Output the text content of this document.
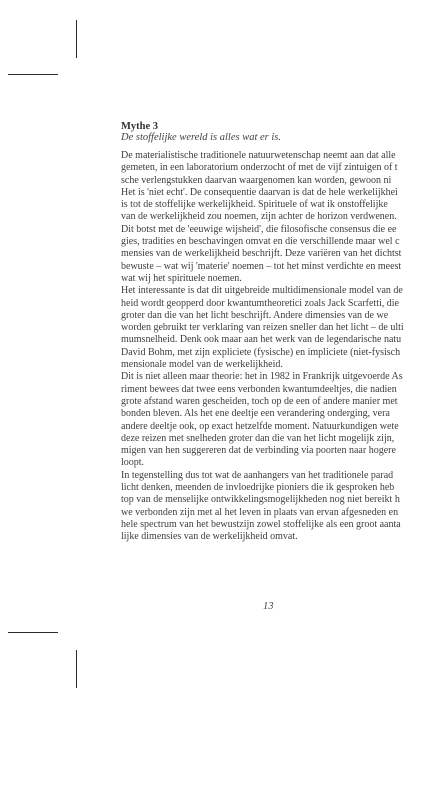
Mythe 3
De stoffelijke wereld is alles wat er is.
De materialistische traditionele natuurwetenschap neemt aan dat alle
gemeten, in een laboratorium onderzocht of met de vijf zintuigen of t
sche verlengstukken daarvan waargenomen kan worden, gewoon ni
Het is 'niet echt'. De consequentie daarvan is dat de hele werkelijkhei
is tot de stoffelijke werkelijkheid. Spirituele of wat ik onstoffelijke
van de werkelijkheid zou noemen, zijn achter de horizon verdwenen.
Dit botst met de 'eeuwige wijsheid', die filosofische consensus die ee
gies, tradities en beschavingen omvat en die verschillende maar wel c
mensies van de werkelijkheid beschrijft. Deze variëren van het dichtst
bewuste – wat wij 'materie' noemen – tot het minst verdichte en meest
wat wij het spirituele noemen.
Het interessante is dat dit uitgebreide multidimensionale model van de
heid wordt geopperd door kwantumtheoretici zoals Jack Scarfetti, die
groter dan die van het licht beschrijft. Andere dimensies van de we
worden gebruikt ter verklaring van reizen sneller dan het licht – de ulti
mumsnelheid. Denk ook maar aan het werk van de legendarische natu
David Bohm, met zijn expliciete (fysische) en impliciete (niet-fysisch
mensionale model van de werkelijkheid.
Dit is niet alleen maar theorie: het in 1982 in Frankrijk uitgevoerde As
riment bewees dat twee eens verbonden kwantumdeeltjes, die nadien
grote afstand waren gescheiden, toch op de een of andere manier met
bonden bleven. Als het ene deeltje een verandering onderging, vera
andere deeltje ook, op exact hetzelfde moment. Natuurkundigen wete
deze reizen met snelheden groter dan die van het licht mogelijk zijn,
migen van hen suggereren dat de verbinding via poorten naar hogere
loopt.
In tegenstelling dus tot wat de aanhangers van het traditionele parad
licht denken, meenden de invloedrijke pioniers die ik gesproken heb
top van de menselijke ontwikkelingsmogelijkheden nog niet bereikt h
we verbonden zijn met al het leven in plaats van ervan afgesneden en
hele spectrum van het bewustzijn zowel stoffelijke als een groot aanta
lijke dimensies van de werkelijkheid omvat.
13
